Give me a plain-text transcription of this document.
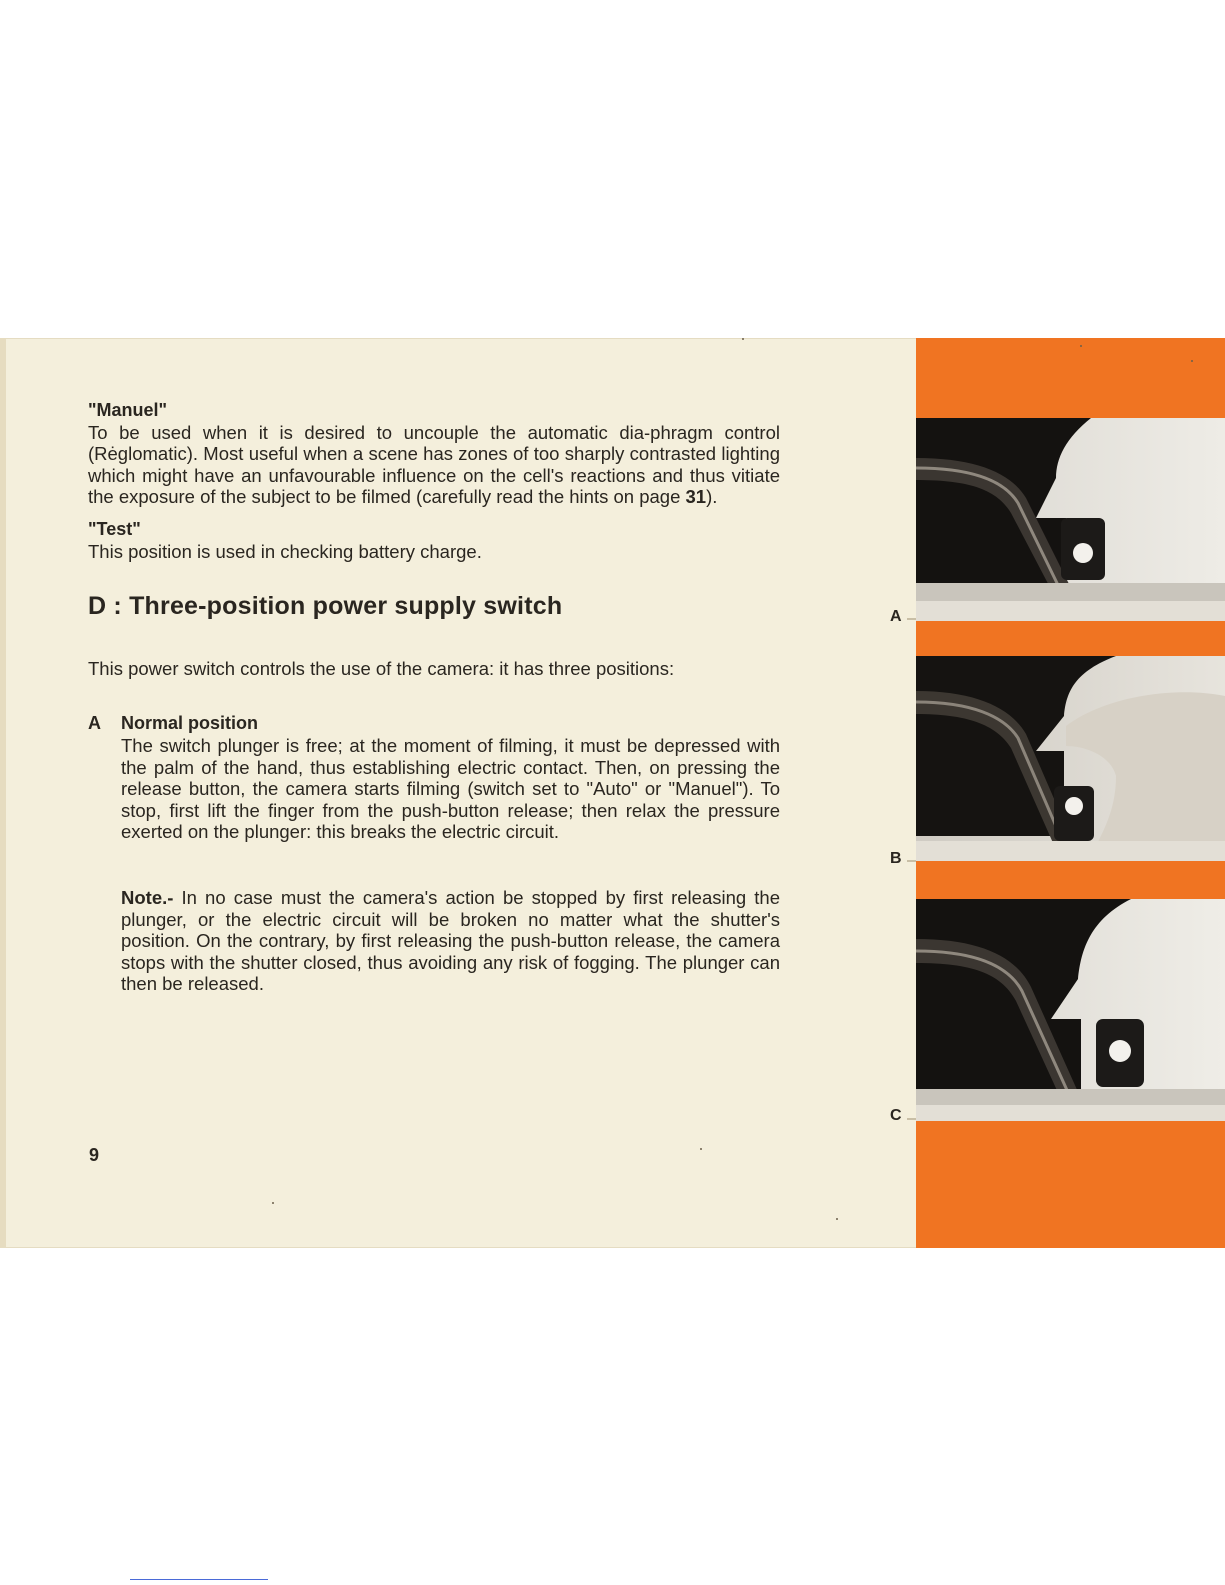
"Manuel"

To be used when it is desired to uncouple the automatic dia-phragm control (Rėglomatic). Most useful when a scene has zones of too sharply contrasted lighting which might have an unfavourable influence on the cell's reactions and thus vitiate the exposure of the subject to be filmed (carefully read the hints on page 31).

"Test"

This position is used in checking battery charge.

D : Three-position power supply switch

This power switch controls the use of the camera: it has three positions:

A Normal position

The switch plunger is free; at the moment of filming, it must be depressed with the palm of the hand, thus establishing electric contact. Then, on pressing the release button, the camera starts filming (switch set to "Auto" or "Manuel"). To stop, first lift the finger from the push-button release; then relax the pressure exerted on the plunger: this breaks the electric circuit.

Note.- In no case must the camera's action be stopped by first releasing the plunger, or the electric circuit will be broken no matter what the shutter's position. On the contrary, by first releasing the push-button release, the camera stops with the shutter closed, thus avoiding any risk of fogging. The plunger can then be released.

9
A
B
C
